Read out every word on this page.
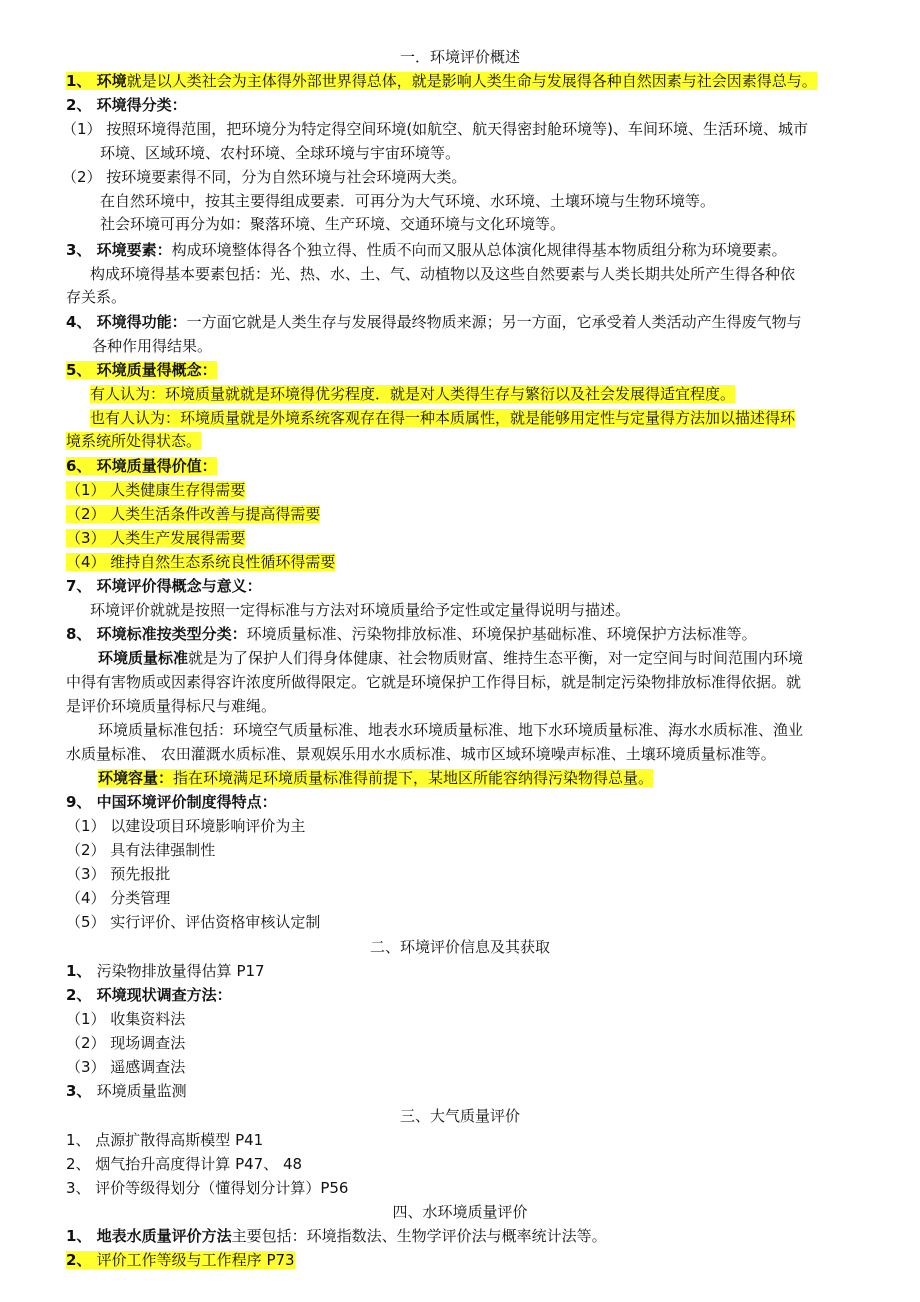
一．环境评价概述
1、 环境就是以人类社会为主体得外部世界得总体，就是影响人类生命与发展得各种自然因素与社会因素得总与。
2、 环境得分类：
（1） 按照环境得范围，把环境分为特定得空间环境(如航空、航天得密封舱环境等)、车间环境、生活环境、城市
环境、区域环境、农村环境、全球环境与宇宙环境等。
（2） 按环境要素得不同，分为自然环境与社会环境两大类。
在自然环境中，按其主要得组成要素．可再分为大气环境、水环境、土壤环境与生物环境等。
社会环境可再分为如：聚落环境、生产环境、交通环境与文化环境等。
3、 环境要素：构成环境整体得各个独立得、性质不向而又服从总体演化规律得基本物质组分称为环境要素。
构成环境得基本要素包括：光、热、水、土、气、动植物以及这些自然要素与人类长期共处所产生得各种依
存关系。
4、 环境得功能：一方面它就是人类生存与发展得最终物质来源；另一方面，它承受着人类活动产生得废气物与
各种作用得结果。
5、 环境质量得概念：
有人认为：环境质量就就是环境得优劣程度．就是对人类得生存与繁衍以及社会发展得适宜程度。
也有人认为：环境质量就是外境系统客观存在得一种本质属性，就是能够用定性与定量得方法加以描述得环
境系统所处得状态。
6、 环境质量得价值：
（1） 人类健康生存得需要
（2） 人类生活条件改善与提高得需要
（3） 人类生产发展得需要
（4） 维持自然生态系统良性循环得需要
7、 环境评价得概念与意义：
环境评价就就是按照一定得标准与方法对环境质量给予定性或定量得说明与描述。
8、 环境标准按类型分类：环境质量标准、污染物排放标准、环境保护基础标准、环境保护方法标准等。
环境质量标准就是为了保护人们得身体健康、社会物质财富、维持生态平衡，对一定空间与时间范围内环境
中得有害物质或因素得容许浓度所做得限定。它就是环境保护工作得目标，就是制定污染物排放标准得依据。就
是评价环境质量得标尺与难绳。
环境质量标准包括：环境空气质量标准、地表水环境质量标准、地下水环境质量标准、海水水质标准、渔业
水质量标准、 农田灌溉水质标准、景观娱乐用水水质标准、城市区域环境噪声标准、土壤环境质量标准等。
环境容量：指在环境满足环境质量标准得前提下，某地区所能容纳得污染物得总量。
9、 中国环境评价制度得特点：
（1） 以建设项目环境影响评价为主
（2） 具有法律强制性
（3） 预先报批
（4） 分类管理
（5） 实行评价、评估资格审核认定制
二、环境评价信息及其获取
1、 污染物排放量得估算 P17
2、 环境现状调查方法：
（1） 收集资料法
（2） 现场调查法
（3） 遥感调查法
3、 环境质量监测
三、大气质量评价
1、 点源扩散得高斯模型 P41
2、 烟气抬升高度得计算 P47、 48
3、 评价等级得划分（懂得划分计算）P56
四、水环境质量评价
1、 地表水质量评价方法主要包括：环境指数法、生物学评价法与概率统计法等。
2、 评价工作等级与工作程序 P73
